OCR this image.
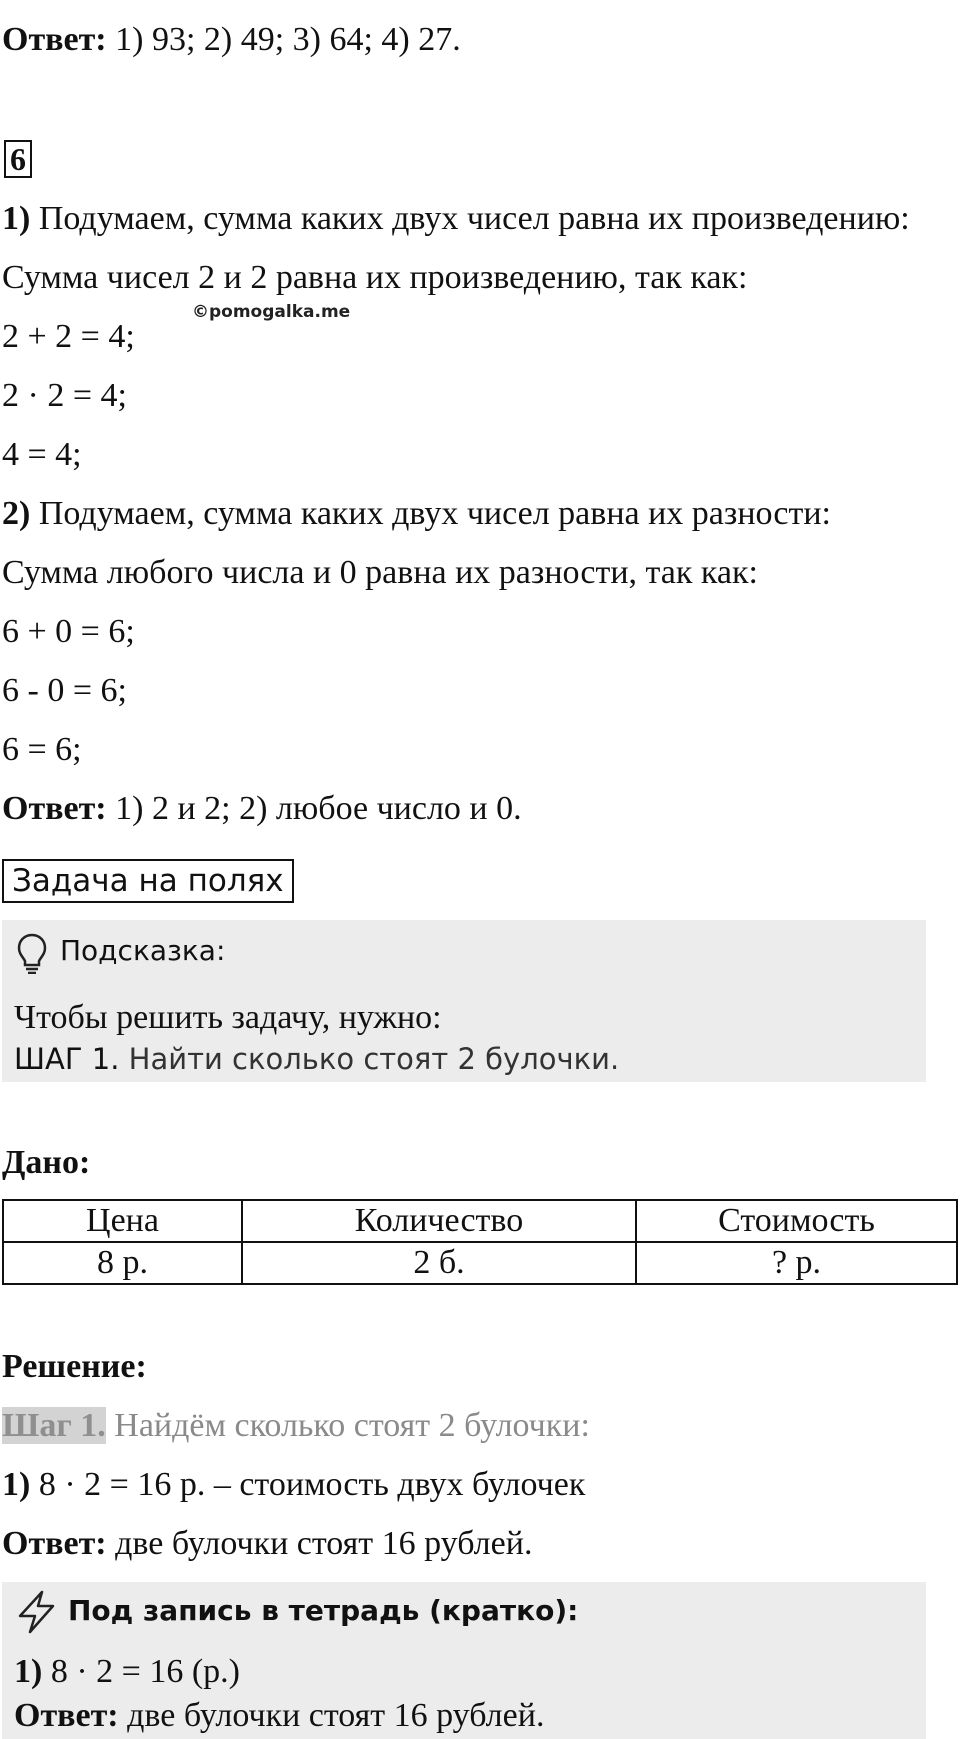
Ответ: 1) 93; 2) 49; 3) 64; 4) 27.
6
1) Подумаем, сумма каких двух чисел равна их произведению:
Сумма чисел 2 и 2 равна их произведению, так как:
©pomogalka.me
2 + 2 = 4;
2 · 2 = 4;
4 = 4;
2) Подумаем, сумма каких двух чисел равна их разности:
Сумма любого числа и 0 равна их разности, так как:
6 + 0 = 6;
6 - 0 = 6;
6 = 6;
Ответ: 1) 2 и 2; 2) любое число и 0.
Задача на полях
Подсказка:
Чтобы решить задачу, нужно:
ШАГ 1. Найти сколько стоят 2 булочки.
Дано:
Цена	Количество	Стоимость
8 р.	2 б.	? р.
Решение:
Шаг 1. Найдём сколько стоят 2 булочки:
1) 8 · 2 = 16 р. – стоимость двух булочек
Ответ: две булочки стоят 16 рублей.
Под запись в тетрадь (кратко):
1) 8 · 2 = 16 (р.)
Ответ: две булочки стоят 16 рублей.
